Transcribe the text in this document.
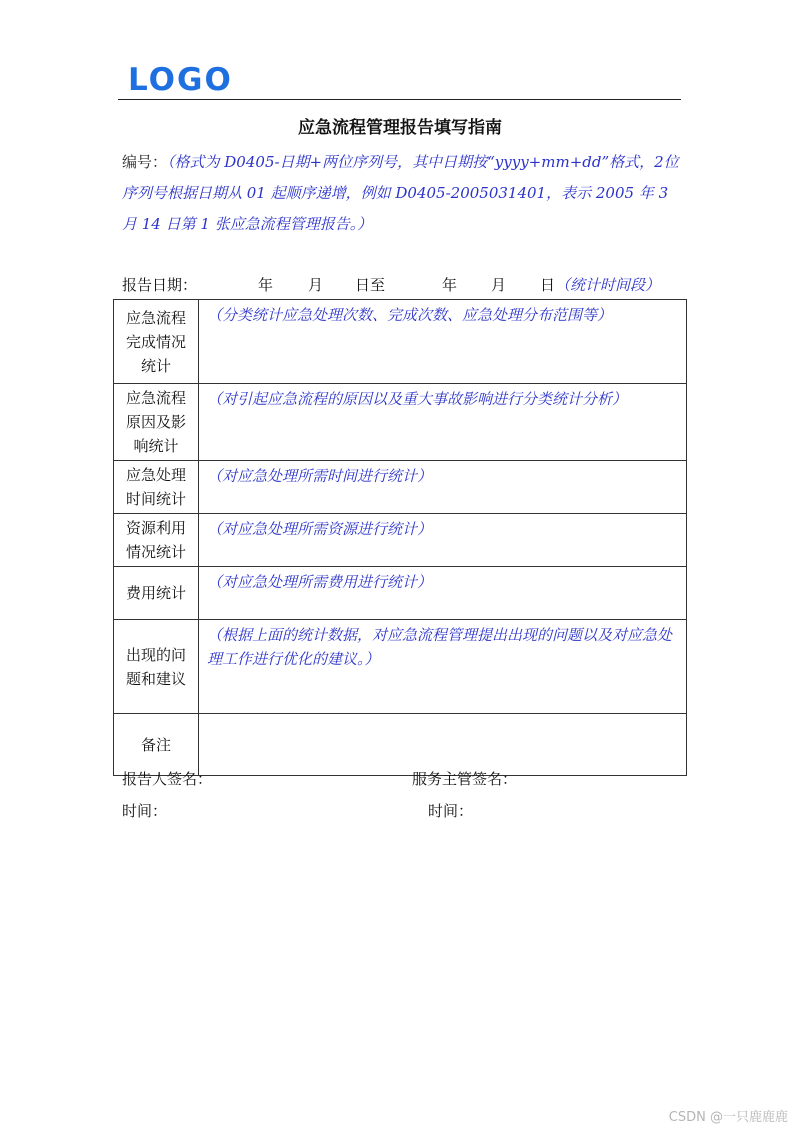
LOGO
应急流程管理报告填写指南
编号：（格式为 D0405-日期+两位序列号，其中日期按“yyyy+mm+dd”格式，2位序列号根据日期从 01 起顺序递增，例如 D0405-2005031401，表示 2005 年 3 月 14 日第 1 张应急流程管理报告。）
报告日期：	年 月 日至	年 月 日（统计时间段）
应急流程完成情况统计	（分类统计应急处理次数、完成次数、应急处理分布范围等）

应急流程原因及影响统计	（对引起应急流程的原因以及重大事故影响进行分类统计分析）

应急处理时间统计	（对应急处理所需时间进行统计）

资源利用情况统计	（对应急处理所需资源进行统计）

费用统计	（对应急处理所需费用进行统计）

出现的问题和建议	（根据上面的统计数据，对应急流程管理提出出现的问题以及对应急处理工作进行优化的建议。）

备注	

报告人签名：	服务主管签名：
时间：	时间：
CSDN @一只鹿鹿鹿
